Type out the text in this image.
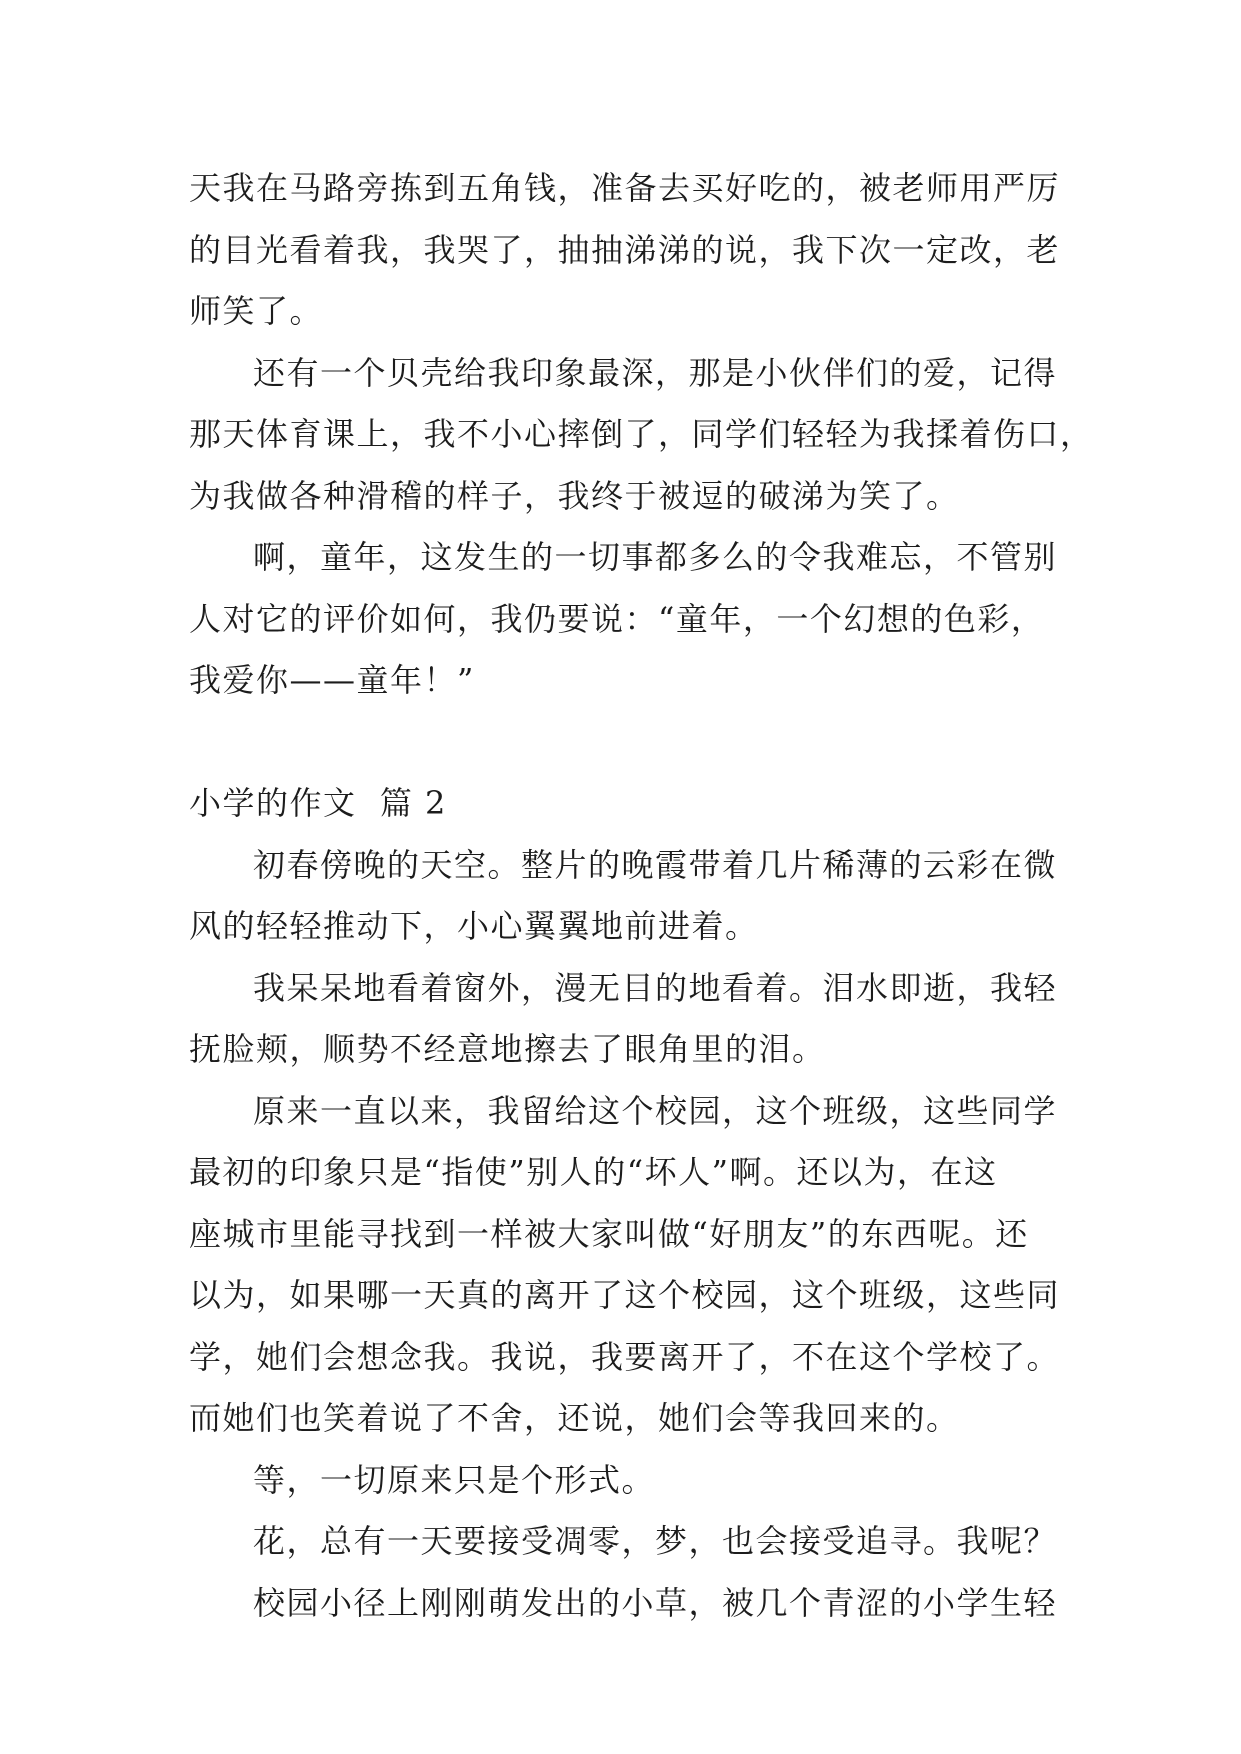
天我在马路旁拣到五角钱，准备去买好吃的，被老师用严厉
的目光看着我，我哭了，抽抽涕涕的说，我下次一定改，老
师笑了。
还有一个贝壳给我印象最深，那是小伙伴们的爱，记得
那天体育课上，我不小心摔倒了，同学们轻轻为我揉着伤口，
为我做各种滑稽的样子，我终于被逗的破涕为笑了。
啊，童年，这发生的一切事都多么的令我难忘，不管别
人对它的评价如何，我仍要说：“童年，一个幻想的色彩，
我爱你——童年！”
小学的作文  篇 2
初春傍晚的天空。整片的晚霞带着几片稀薄的云彩在微
风的轻轻推动下，小心翼翼地前进着。
我呆呆地看着窗外，漫无目的地看着。泪水即逝，我轻
抚脸颊，顺势不经意地擦去了眼角里的泪。
原来一直以来，我留给这个校园，这个班级，这些同学
最初的印象只是“指使”别人的“坏人”啊。还以为，在这
座城市里能寻找到一样被大家叫做“好朋友”的东西呢。还
以为，如果哪一天真的离开了这个校园，这个班级，这些同
学，她们会想念我。我说，我要离开了，不在这个学校了。
而她们也笑着说了不舍，还说，她们会等我回来的。
等，一切原来只是个形式。
花，总有一天要接受凋零，梦，也会接受追寻。我呢？
校园小径上刚刚萌发出的小草，被几个青涩的小学生轻
